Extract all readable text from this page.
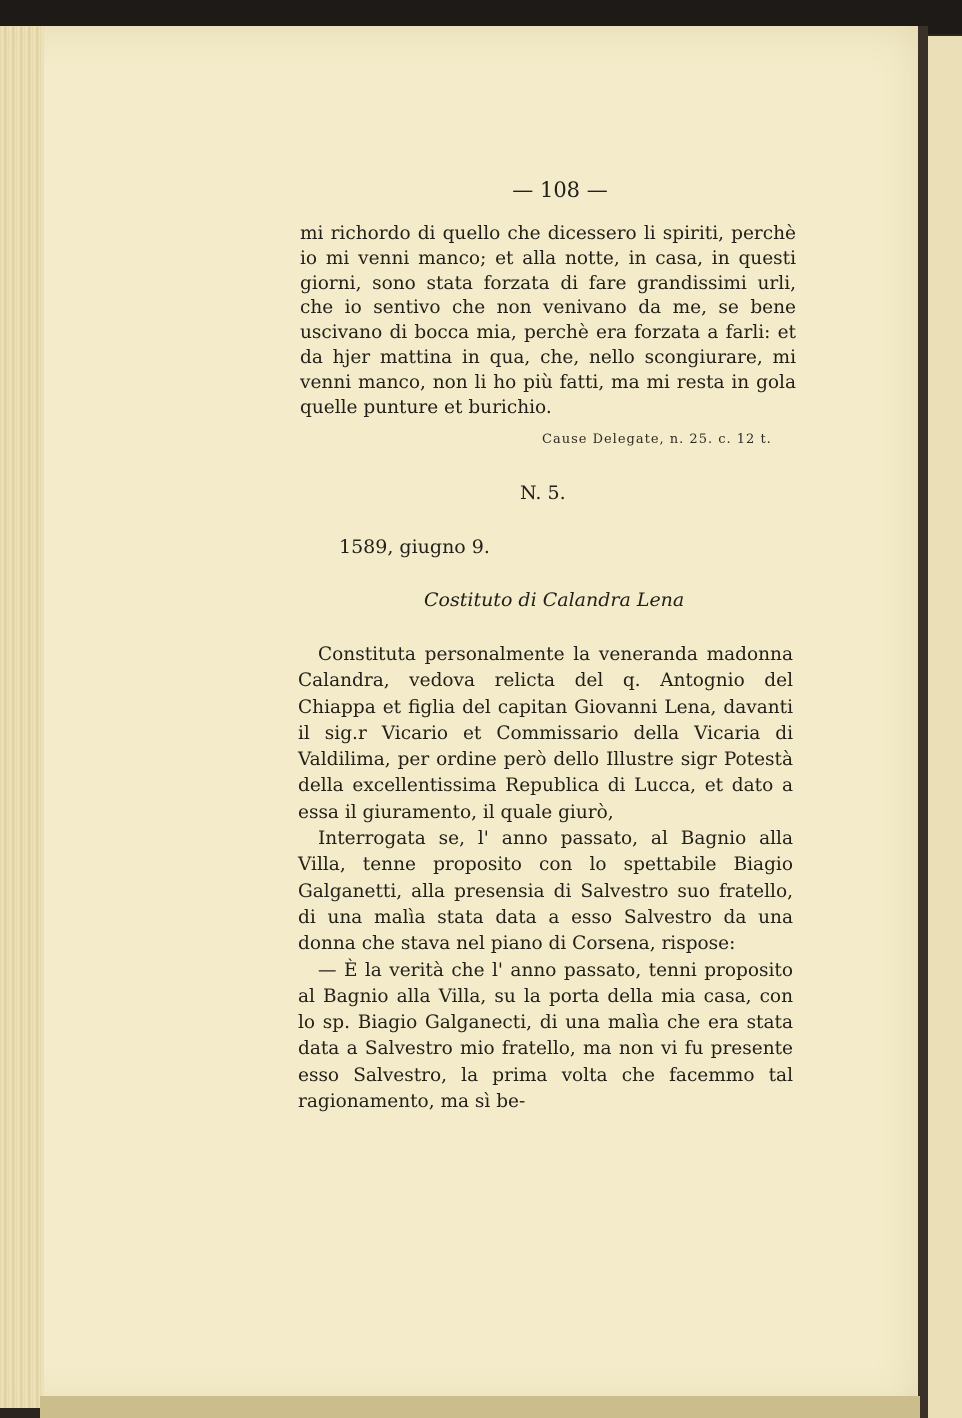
— 108 —

mi richordo di quello che dicessero li spiriti, perchè io mi venni manco; et alla notte, in casa, in questi giorni, sono stata forzata di fare grandissimi urli, che io sentivo che non venivano da me, se bene uscivano di bocca mia, perchè era forzata a farli: et da hjer mattina in qua, che, nello scongiurare, mi venni manco, non li ho più fatti, ma mi resta in gola quelle punture et burichio.

Cause Delegate, n. 25. c. 12 t.
N. 5.
1589, giugno 9.
Costituto di Calandra Lena

Constituta personalmente la veneranda madonna Calandra, vedova relicta del q. Antognio del Chiappa et figlia del capitan Giovanni Lena, davanti il sig.r Vicario et Commissario della Vicaria di Valdilima, per ordine però dello Illustre sigr Potestà della excellentissima Republica di Lucca, et dato a essa il giuramento, il quale giurò,

Interrogata se, l' anno passato, al Bagnio alla Villa, tenne proposito con lo spettabile Biagio Galganetti, alla presensia di Salvestro suo fratello, di una malìa stata data a esso Salvestro da una donna che stava nel piano di Corsena, rispose:

— È la verità che l' anno passato, tenni proposito al Bagnio alla Villa, su la porta della mia casa, con lo sp. Biagio Galganecti, di una malìa che era stata data a Salvestro mio fratello, ma non vi fu presente esso Salvestro, la prima volta che facemmo tal ragionamento, ma sì be-
